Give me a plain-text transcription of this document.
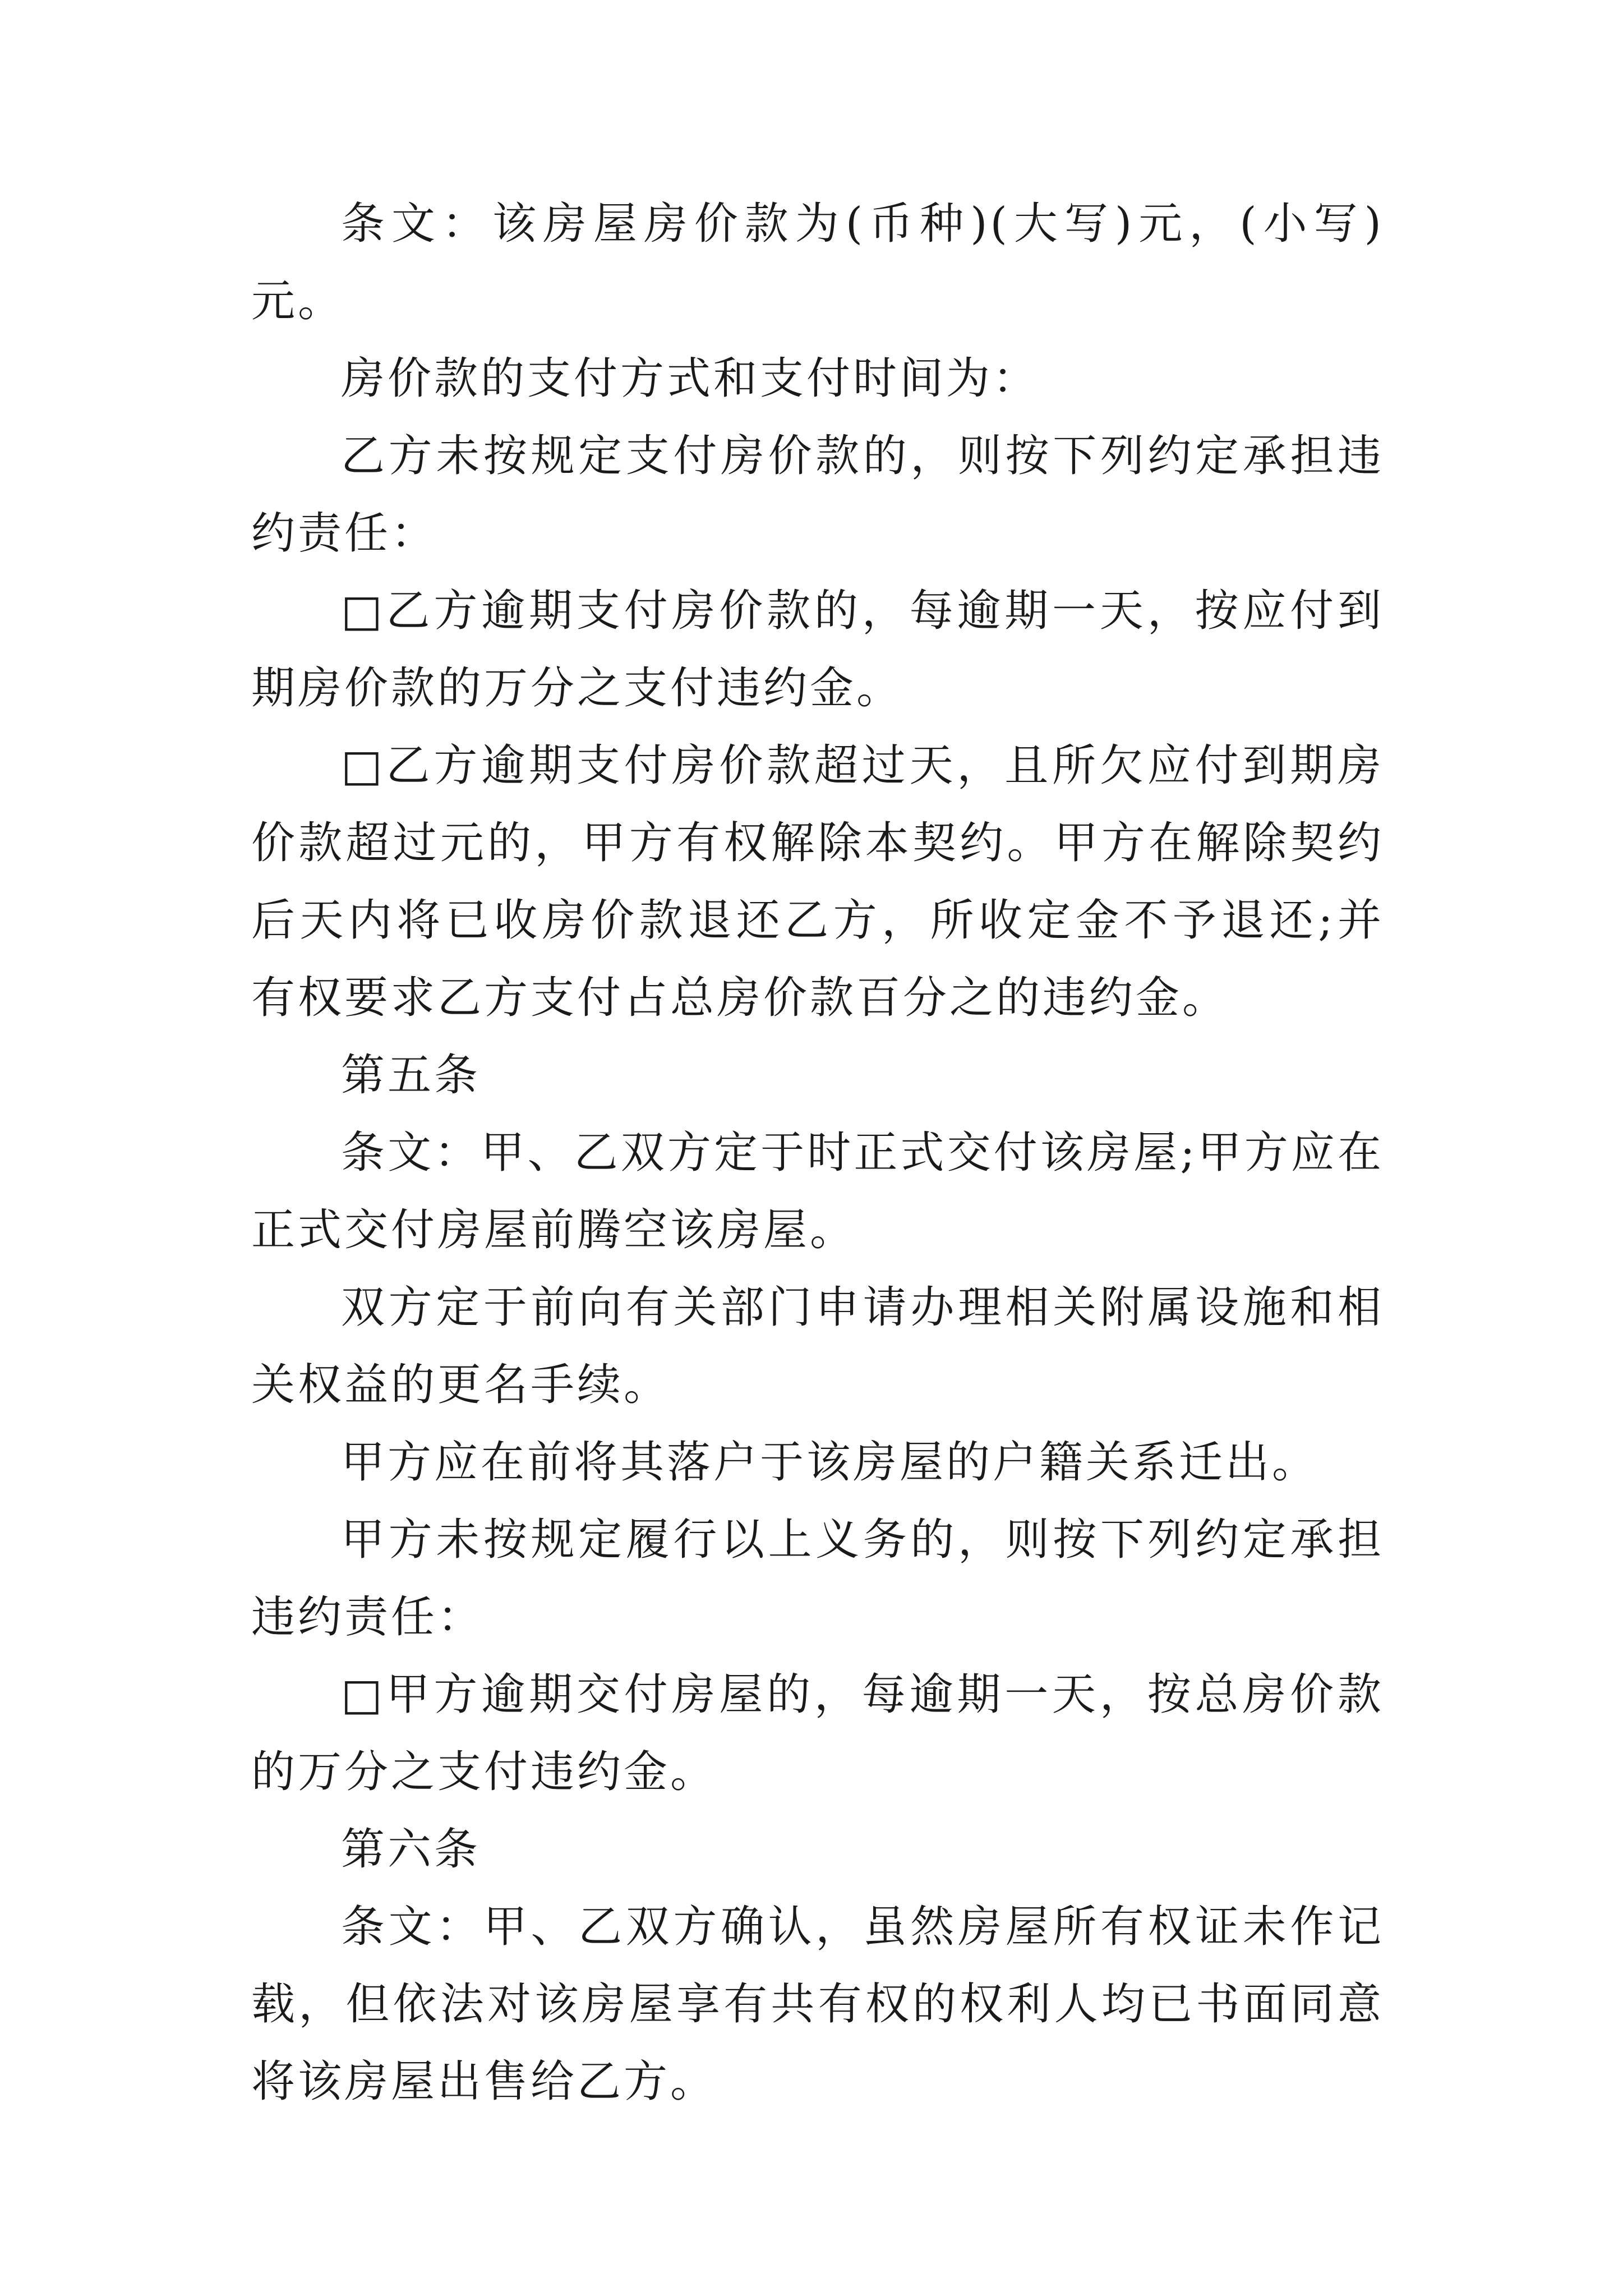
条文：该房屋房价款为(币种)(大写)元，(小写)元。

房价款的支付方式和支付时间为：

乙方未按规定支付房价款的，则按下列约定承担违约责任：

□乙方逾期支付房价款的，每逾期一天，按应付到期房价款的万分之支付违约金。

□乙方逾期支付房价款超过天，且所欠应付到期房价款超过元的，甲方有权解除本契约。甲方在解除契约后天内将已收房价款退还乙方，所收定金不予退还;并有权要求乙方支付占总房价款百分之的违约金。

第五条

条文：甲、乙双方定于时正式交付该房屋;甲方应在正式交付房屋前腾空该房屋。

双方定于前向有关部门申请办理相关附属设施和相关权益的更名手续。

甲方应在前将其落户于该房屋的户籍关系迁出。

甲方未按规定履行以上义务的，则按下列约定承担违约责任：

□甲方逾期交付房屋的，每逾期一天，按总房价款的万分之支付违约金。

第六条

条文：甲、乙双方确认，虽然房屋所有权证未作记载，但依法对该房屋享有共有权的权利人均已书面同意将该房屋出售给乙方。
